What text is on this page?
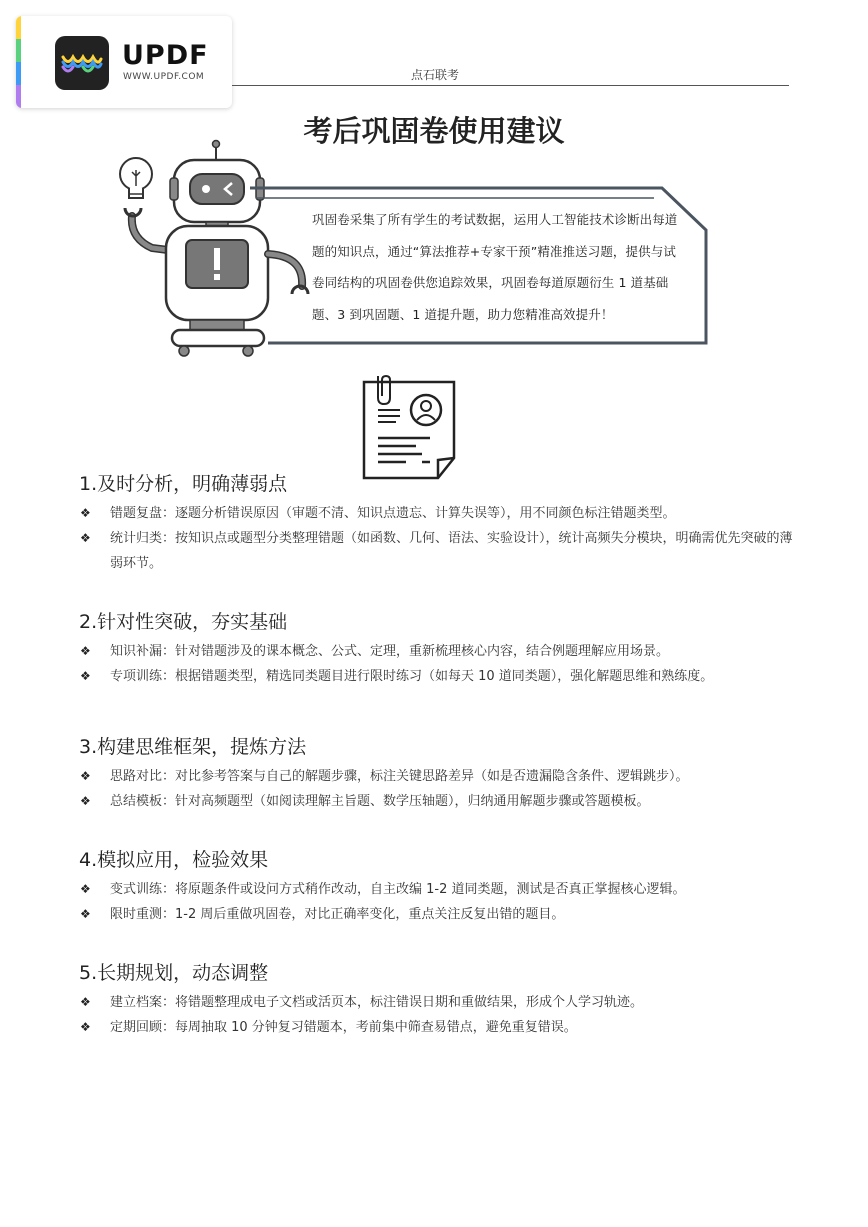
UPDF
WWW.UPDF.COM	点石联考
考后巩固卷使用建议
巩固卷采集了所有学生的考试数据，运用人工智能技术诊断出每道题的知识点，通过“算法推荐+专家干预”精准推送习题，提供与试卷同结构的巩固卷供您追踪效果，巩固卷每道原题衍生 1 道基础题、3 到巩固题、1 道提升题，助力您精准高效提升！
1.及时分析，明确薄弱点
❖ 错题复盘：逐题分析错误原因（审题不清、知识点遗忘、计算失误等），用不同颜色标注错题类型。
❖ 统计归类：按知识点或题型分类整理错题（如函数、几何、语法、实验设计），统计高频失分模块，明确需优先突破的薄弱环节。
2.针对性突破，夯实基础
❖ 知识补漏：针对错题涉及的课本概念、公式、定理，重新梳理核心内容，结合例题理解应用场景。
❖ 专项训练：根据错题类型，精选同类题目进行限时练习（如每天 10 道同类题），强化解题思维和熟练度。
3.构建思维框架，提炼方法
❖ 思路对比：对比参考答案与自己的解题步骤，标注关键思路差异（如是否遗漏隐含条件、逻辑跳步）。
❖ 总结模板：针对高频题型（如阅读理解主旨题、数学压轴题），归纳通用解题步骤或答题模板。
4.模拟应用，检验效果
❖ 变式训练：将原题条件或设问方式稍作改动，自主改编 1-2 道同类题，测试是否真正掌握核心逻辑。
❖ 限时重测：1-2 周后重做巩固卷，对比正确率变化，重点关注反复出错的题目。
5.长期规划，动态调整
❖ 建立档案：将错题整理成电子文档或活页本，标注错误日期和重做结果，形成个人学习轨迹。
❖ 定期回顾：每周抽取 10 分钟复习错题本，考前集中筛查易错点，避免重复错误。
